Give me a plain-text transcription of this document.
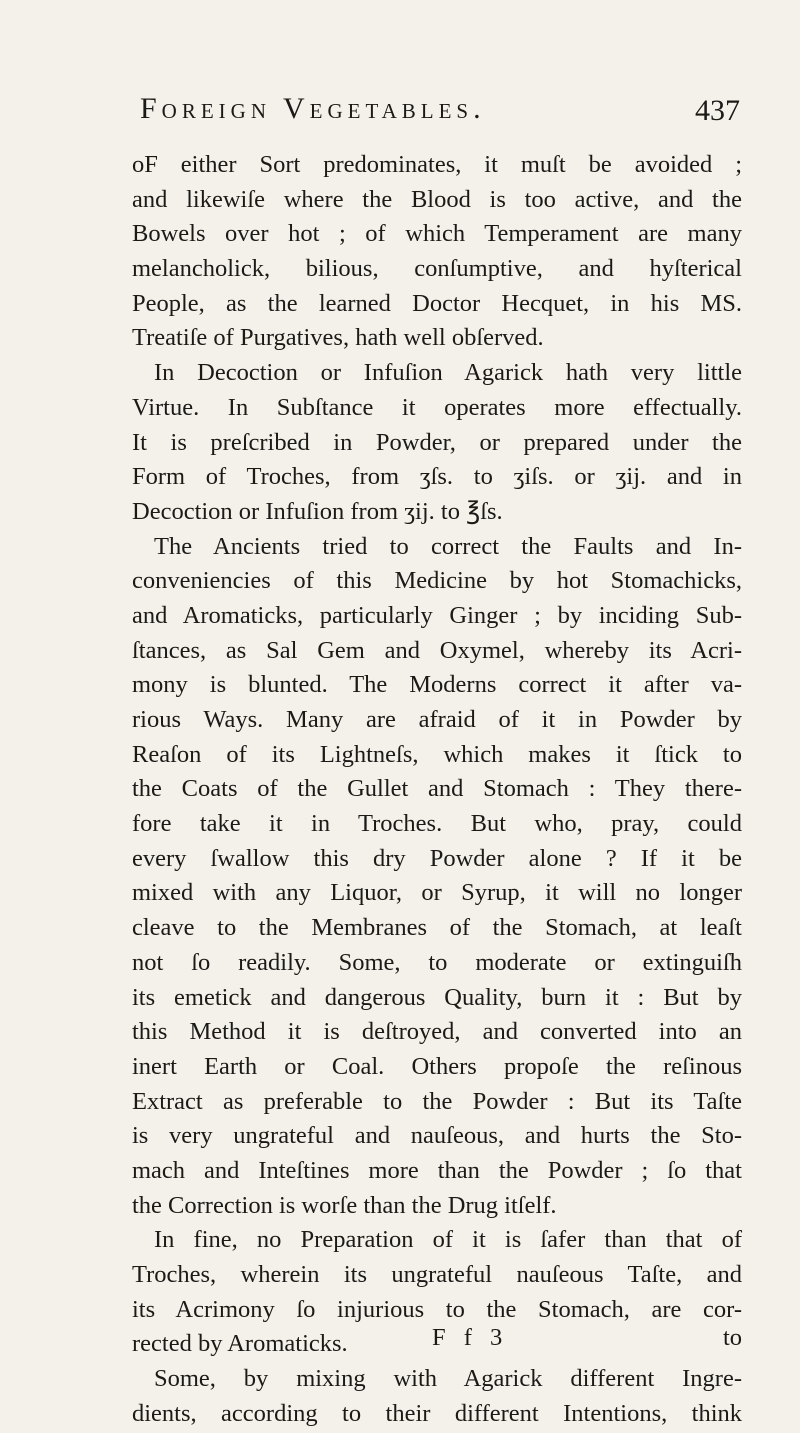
Foreign Vegetables.	437
oF either Sort predominates, it muſt be avoided ;
and likewiſe where the Blood is too active, and the
Bowels over hot ; of which Temperament are many
melancholick, bilious, conſumptive, and hyſterical
People, as the learned Doctor Hecquet, in his MS.
Treatiſe of Purgatives, hath well obſerved.
In Decoction or Infuſion Agarick hath very little
Virtue. In Subſtance it operates more effectually.
It is preſcribed in Powder, or prepared under the
Form of Troches, from ʒſs. to ʒiſs. or ʒij. and in
Decoction or Infuſion from ʒij. to ℥ſs.
The Ancients tried to correct the Faults and In-
conveniencies of this Medicine by hot Stomachicks,
and Aromaticks, particularly Ginger ; by inciding Sub-
ſtances, as Sal Gem and Oxymel, whereby its Acri-
mony is blunted. The Moderns correct it after va-
rious Ways. Many are afraid of it in Powder by
Reaſon of its Lightneſs, which makes it ſtick to
the Coats of the Gullet and Stomach : They there-
fore take it in Troches. But who, pray, could
every ſwallow this dry Powder alone ? If it be
mixed with any Liquor, or Syrup, it will no longer
cleave to the Membranes of the Stomach, at leaſt
not ſo readily. Some, to moderate or extinguiſh
its emetick and dangerous Quality, burn it : But by
this Method it is deſtroyed, and converted into an
inert Earth or Coal. Others propoſe the reſinous
Extract as preferable to the Powder : But its Taſte
is very ungrateful and nauſeous, and hurts the Sto-
mach and Inteſtines more than the Powder ; ſo that
the Correction is worſe than the Drug itſelf.
In fine, no Preparation of it is ſafer than that of
Troches, wherein its ungrateful nauſeous Taſte, and
its Acrimony ſo injurious to the Stomach, are cor-
rected by Aromaticks.
Some, by mixing with Agarick different Ingre-
dients, according to their different Intentions, think
F f 3	to
